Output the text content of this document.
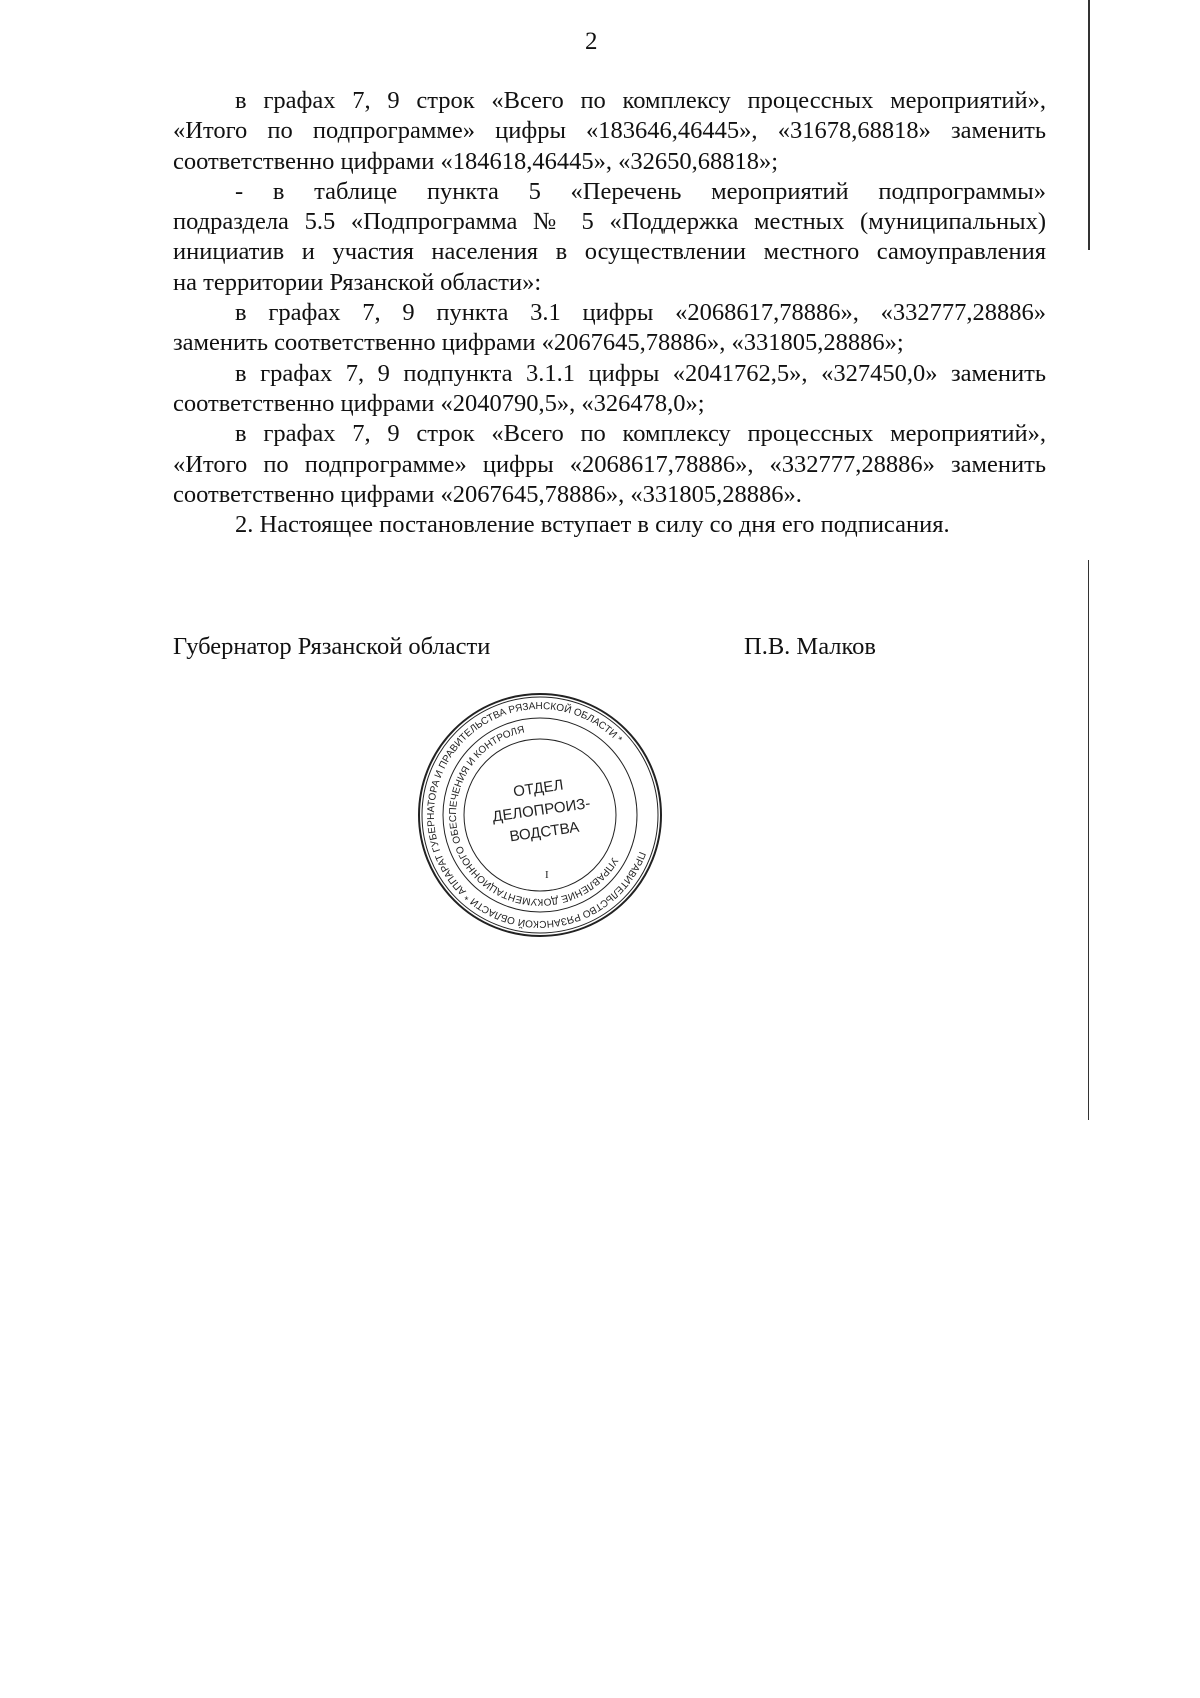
2
в графах 7, 9 строк «Всего по комплексу процессных мероприятий»,
«Итого по подпрограмме» цифры «183646,46445», «31678,68818» заменить
соответственно цифрами «184618,46445», «32650,68818»;
- в таблице пункта 5 «Перечень мероприятий подпрограммы»
подраздела 5.5 «Подпрограмма № 5 «Поддержка местных (муниципальных)
инициатив и участия населения в осуществлении местного самоуправления
на территории Рязанской области»:
в графах 7, 9 пункта 3.1 цифры «2068617,78886», «332777,28886»
заменить соответственно цифрами «2067645,78886», «331805,28886»;
в графах 7, 9 подпункта 3.1.1 цифры «2041762,5», «327450,0» заменить
соответственно цифрами «2040790,5», «326478,0»;
в графах 7, 9 строк «Всего по комплексу процессных мероприятий»,
«Итого по подпрограмме» цифры «2068617,78886», «332777,28886» заменить
соответственно цифрами «2067645,78886», «331805,28886».
2. Настоящее постановление вступает в силу со дня его подписания.
Губернатор Рязанской области	П.В. Малков
ПРАВИТЕЛЬСТВО РЯЗАНСКОЙ ОБЛАСТИ * АППАРАТ ГУБЕРНАТОРА И ПРАВИТЕЛЬСТВА РЯЗАНСКОЙ ОБЛАСТИ *
УПРАВЛЕНИЕ ДОКУМЕНТАЦИОННОГО ОБЕСПЕЧЕНИЯ И КОНТРОЛЯ
ОТДЕЛ
ДЕЛОПРОИЗ-
ВОДСТВА
I
